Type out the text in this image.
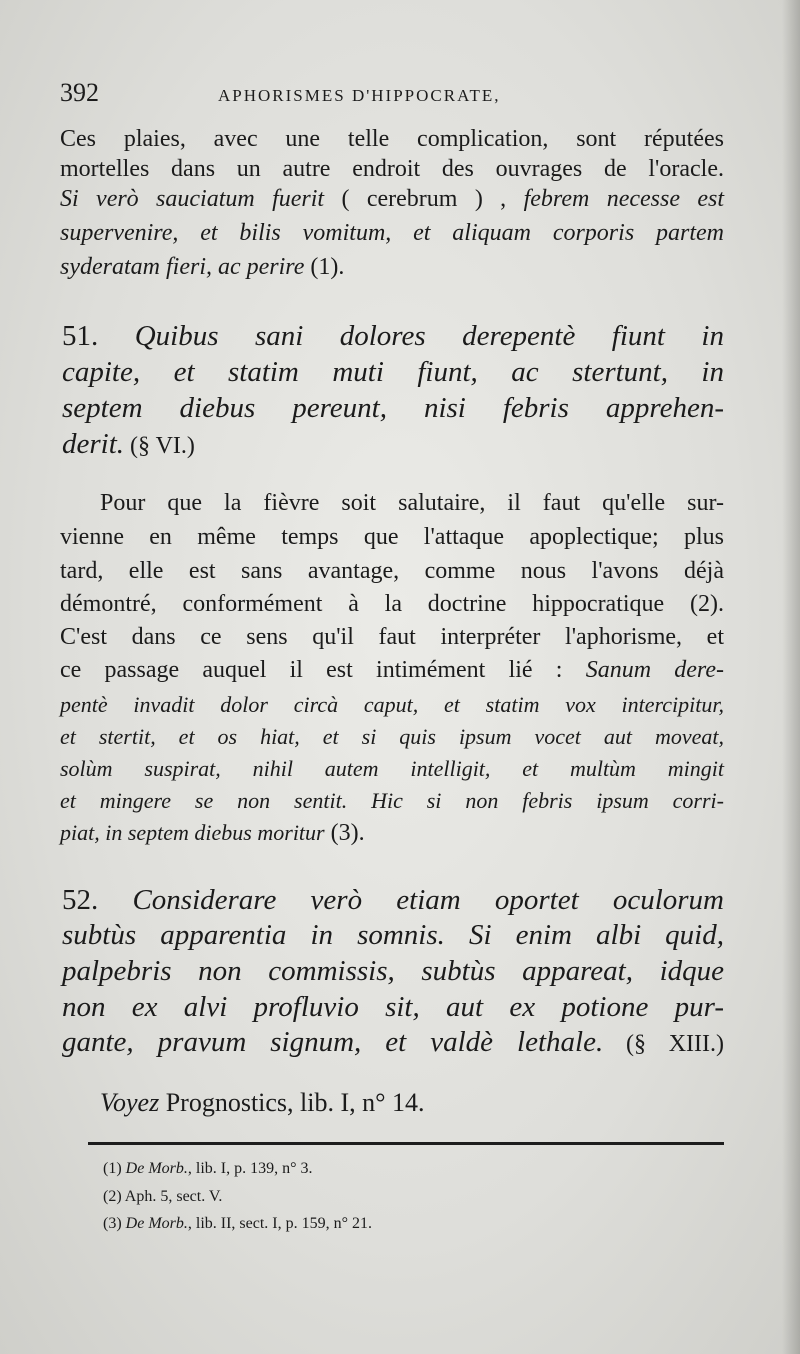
392	APHORISMES D'HIPPOCRATE,
Ces plaies, avec une telle complication, sont réputées
mortelles dans un autre endroit des ouvrages de l'oracle.
Si verò sauciatum fuerit ( cerebrum ) , febrem necesse est
supervenire, et bilis vomitum, et aliquam corporis partem
syderatam fieri, ac perire (1).
51. Quibus sani dolores derepentè fiunt in
capite, et statim muti fiunt, ac stertunt, in
septem diebus pereunt, nisi febris apprehen-
derit. (§ VI.)
Pour que la fièvre soit salutaire, il faut qu'elle sur-
vienne en même temps que l'attaque apoplectique; plus
tard, elle est sans avantage, comme nous l'avons déjà
démontré, conformément à la doctrine hippocratique (2).
C'est dans ce sens qu'il faut interpréter l'aphorisme, et
ce passage auquel il est intimément lié : Sanum dere-
pentè invadit dolor circà caput, et statim vox intercipitur,
et stertit, et os hiat, et si quis ipsum vocet aut moveat,
solùm suspirat, nihil autem intelligit, et multùm mingit
et mingere se non sentit. Hic si non febris ipsum corri-
piat, in septem diebus moritur (3).
52. Considerare verò etiam oportet oculorum
subtùs apparentia in somnis. Si enim albi quid,
palpebris non commissis, subtùs appareat, idque
non ex alvi profluvio sit, aut ex potione pur-
gante, pravum signum, et valdè lethale. (§ XIII.)
Voyez Prognostics, lib. I, n° 14.
(1) De Morb., lib. I, p. 139, n° 3.
(2) Aph. 5, sect. V.
(3) De Morb., lib. II, sect. I, p. 159, n° 21.
